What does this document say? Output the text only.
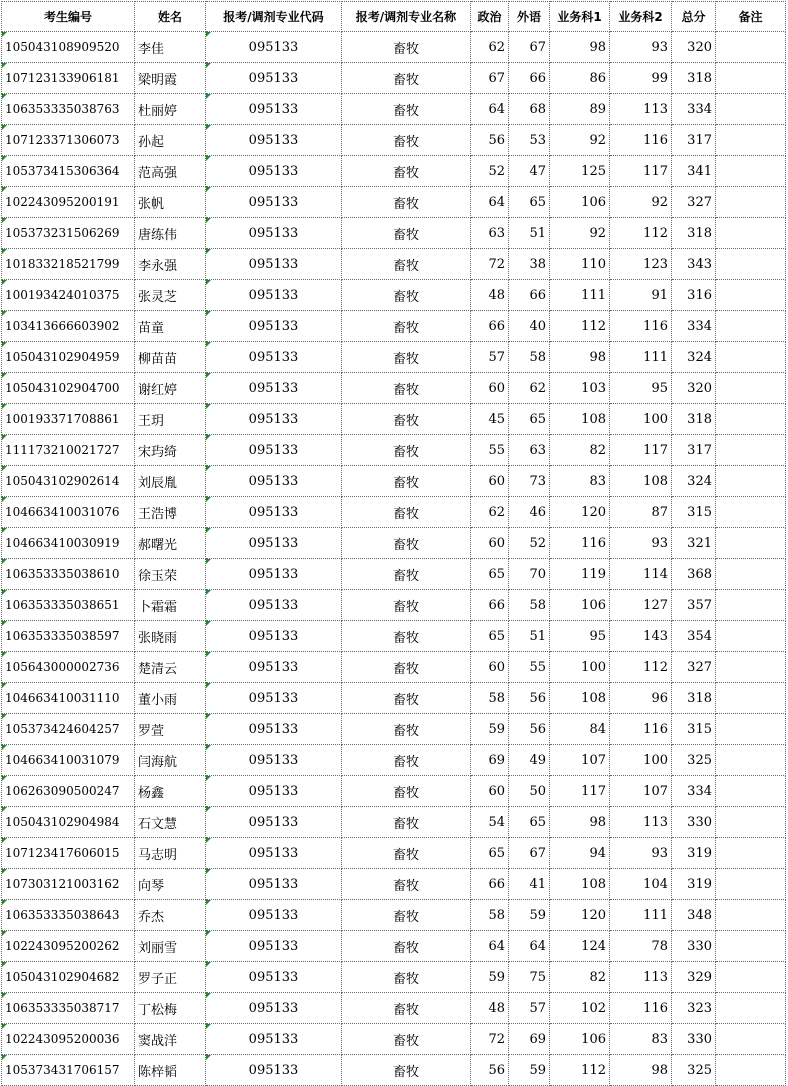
考生编号	姓名	报考/调剂专业代码	报考/调剂专业名称	政治	外语	业务科1	业务科2	总分	备注
105043108909520	李佳	095133	畜牧	62	67	98	93	320	
107123133906181	梁明霞	095133	畜牧	67	66	86	99	318	
106353335038763	杜丽婷	095133	畜牧	64	68	89	113	334	
107123371306073	孙起	095133	畜牧	56	53	92	116	317	
105373415306364	范高强	095133	畜牧	52	47	125	117	341	
102243095200191	张帆	095133	畜牧	64	65	106	92	327	
105373231506269	唐练伟	095133	畜牧	63	51	92	112	318	
101833218521799	李永强	095133	畜牧	72	38	110	123	343	
100193424010375	张灵芝	095133	畜牧	48	66	111	91	316	
103413666603902	苗童	095133	畜牧	66	40	112	116	334	
105043102904959	柳苗苗	095133	畜牧	57	58	98	111	324	
105043102904700	谢红婷	095133	畜牧	60	62	103	95	320	
100193371708861	王玥	095133	畜牧	45	65	108	100	318	
111173210021727	宋玙绮	095133	畜牧	55	63	82	117	317	
105043102902614	刘辰胤	095133	畜牧	60	73	83	108	324	
104663410031076	王浩博	095133	畜牧	62	46	120	87	315	
104663410030919	郝曙光	095133	畜牧	60	52	116	93	321	
106353335038610	徐玉荣	095133	畜牧	65	70	119	114	368	
106353335038651	卜霜霜	095133	畜牧	66	58	106	127	357	
106353335038597	张晓雨	095133	畜牧	65	51	95	143	354	
105643000002736	楚清云	095133	畜牧	60	55	100	112	327	
104663410031110	董小雨	095133	畜牧	58	56	108	96	318	
105373424604257	罗萱	095133	畜牧	59	56	84	116	315	
104663410031079	闫海航	095133	畜牧	69	49	107	100	325	
106263090500247	杨鑫	095133	畜牧	60	50	117	107	334	
105043102904984	石文慧	095133	畜牧	54	65	98	113	330	
107123417606015	马志明	095133	畜牧	65	67	94	93	319	
107303121003162	向琴	095133	畜牧	66	41	108	104	319	
106353335038643	乔杰	095133	畜牧	58	59	120	111	348	
102243095200262	刘丽雪	095133	畜牧	64	64	124	78	330	
105043102904682	罗子正	095133	畜牧	59	75	82	113	329	
106353335038717	丁松梅	095133	畜牧	48	57	102	116	323	
102243095200036	窦战洋	095133	畜牧	72	69	106	83	330	
105373431706157	陈梓韬	095133	畜牧	56	59	112	98	325	
